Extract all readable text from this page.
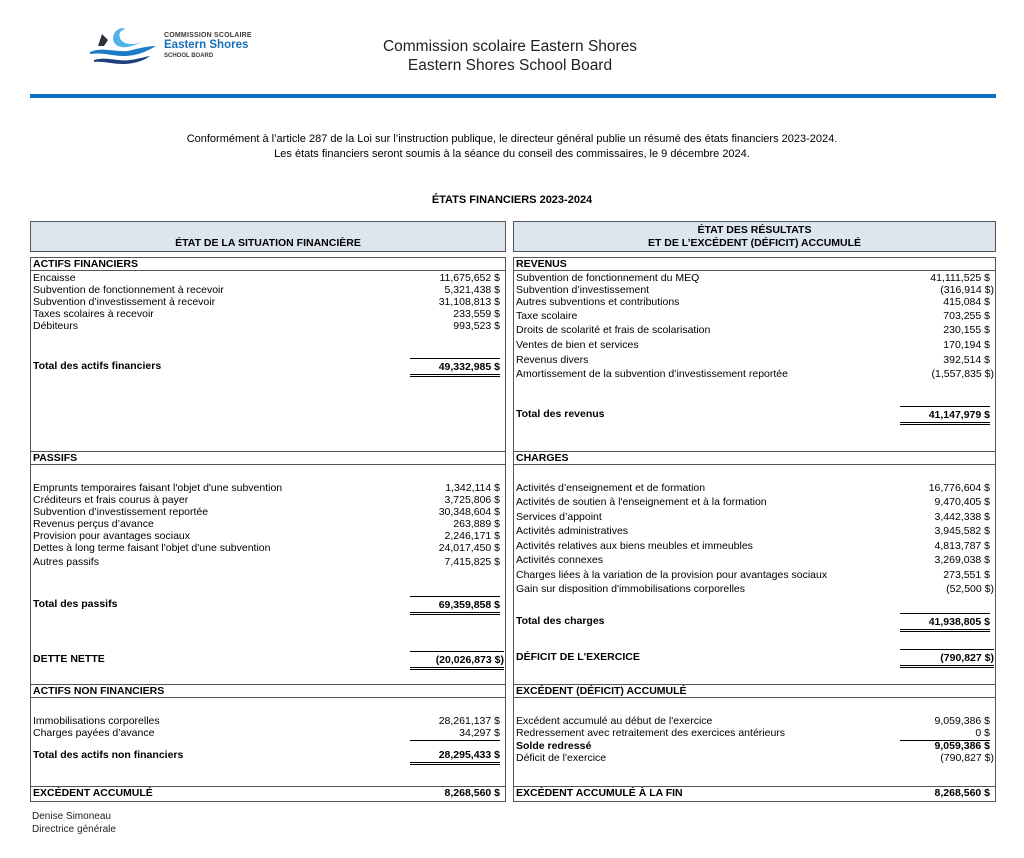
COMMISSION SCOLAIRE
Eastern Shores
SCHOOL BOARD
Commission scolaire Eastern Shores
Eastern Shores School Board
Conformément à l’article 287 de la Loi sur l’instruction publique, le directeur général publie un résumé des états financiers 2023-2024.
Les états financiers seront soumis à la séance du conseil des commissaires, le 9 décembre 2024.
ÉTATS FINANCIERS 2023-2024
ÉTAT DE LA SITUATION FINANCIÈRE
ACTIFS FINANCIERS
Encaisse	11,675,652 $
Subvention de fonctionnement à recevoir	5,321,438 $
Subvention d’investissement à recevoir	31,108,813 $
Taxes scolaires à recevoir	233,559 $
Débiteurs	993,523 $
Total des actifs financiers	49,332,985 $
PASSIFS
Emprunts temporaires faisant l'objet d'une subvention	1,342,114 $
Créditeurs et frais courus à payer	3,725,806 $
Subvention d’investissement reportée	30,348,604 $
Revenus perçus d’avance	263,889 $
Provision pour avantages sociaux	2,246,171 $
Dettes à long terme faisant l'objet d'une subvention	24,017,450 $
Autres passifs	7,415,825 $
Total des passifs	69,359,858 $
DETTE NETTE	(20,026,873 $)
ACTIFS NON FINANCIERS
Immobilisations corporelles	28,261,137 $
Charges payées d’avance	34,297 $
Total des actifs non financiers	28,295,433 $
EXCÉDENT ACCUMULÉ	8,268,560 $
ÉTAT DES RÉSULTATS
ET DE L’EXCÉDENT (DÉFICIT) ACCUMULÉ
REVENUS
Subvention de fonctionnement du MEQ	41,111,525 $
Subvention d’investissement	(316,914 $)
Autres subventions et contributions	415,084 $
Taxe scolaire	703,255 $
Droits de scolarité et frais de scolarisation	230,155 $
Ventes de bien et services	170,194 $
Revenus divers	392,514 $
Amortissement de la subvention d’investissement reportée	(1,557,835 $)
Total des revenus	41,147,979 $
CHARGES
Activités d’enseignement et de formation	16,776,604 $
Activités de soutien à l'enseignement et à la formation	9,470,405 $
Services d’appoint	3,442,338 $
Activités administratives	3,945,582 $
Activités relatives aux biens meubles et immeubles	4,813,787 $
Activités connexes	3,269,038 $
Charges liées à la variation de la provision pour avantages sociaux	273,551 $
Gain sur disposition d'immobilisations corporelles	(52,500 $)
Total des charges	41,938,805 $
DÉFICIT DE L'EXERCICE	(790,827 $)
EXCÉDENT (DÉFICIT) ACCUMULÉ
Excédent accumulé au début de l'exercice	9,059,386 $
Redressement avec retraitement des exercices antérieurs	0 $
Solde redressé	9,059,386 $
Déficit de l'exercice	(790,827 $)
EXCÉDENT ACCUMULÉ À LA FIN	8,268,560 $
Denise Simoneau
Directrice générale
